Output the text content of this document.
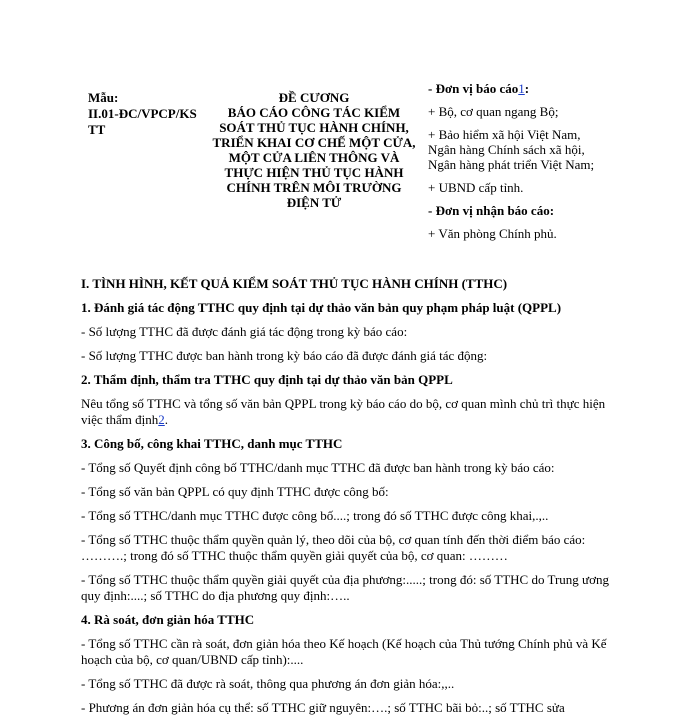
Mẫu:
II.01-ĐC/VPCP/KS
TT
ĐỀ CƯƠNG
BÁO CÁO CÔNG TÁC KIỂM
SOÁT THỦ TỤC HÀNH CHÍNH,
TRIỂN KHAI CƠ CHẾ MỘT CỬA,
MỘT CỬA LIÊN THÔNG VÀ
THỰC HIỆN THỦ TỤC HÀNH
CHÍNH TRÊN MÔI TRƯỜNG
ĐIỆN TỬ
- Đơn vị báo cáo1:
+ Bộ, cơ quan ngang Bộ;
+ Bảo hiểm xã hội Việt Nam,
Ngân hàng Chính sách xã hội,
Ngân hàng phát triển Việt Nam;
+ UBND cấp tỉnh.
- Đơn vị nhận báo cáo:
+ Văn phòng Chính phủ.

I. TÌNH HÌNH, KẾT QUẢ KIỂM SOÁT THỦ TỤC HÀNH CHÍNH (TTHC)

1. Đánh giá tác động TTHC quy định tại dự thảo văn bản quy phạm pháp luật (QPPL)

- Số lượng TTHC đã được đánh giá tác động trong kỳ báo cáo:

- Số lượng TTHC được ban hành trong kỳ báo cáo đã được đánh giá tác động:

2. Thẩm định, thẩm tra TTHC quy định tại dự thảo văn bản QPPL

Nêu tổng số TTHC và tổng số văn bản QPPL trong kỳ báo cáo do bộ, cơ quan mình chủ trì thực hiện việc thẩm định2.

3. Công bố, công khai TTHC, danh mục TTHC

- Tổng số Quyết định công bố TTHC/danh mục TTHC đã được ban hành trong kỳ báo cáo:

- Tổng số văn bản QPPL có quy định TTHC được công bố:

- Tổng số TTHC/danh mục TTHC được công bố....; trong đó số TTHC được công khai,.,..

- Tổng số TTHC thuộc thẩm quyền quản lý, theo dõi của bộ, cơ quan tính đến thời điểm báo cáo: ……….; trong đó số TTHC thuộc thẩm quyền giải quyết của bộ, cơ quan: ………

- Tổng số TTHC thuộc thẩm quyền giải quyết của địa phương:.....; trong đó: số TTHC do Trung ương quy định:....; số TTHC do địa phương quy định:…..

4. Rà soát, đơn giản hóa TTHC

- Tổng số TTHC cần rà soát, đơn giản hóa theo Kế hoạch (Kế hoạch của Thủ tướng Chính phủ và Kế hoạch của bộ, cơ quan/UBND cấp tỉnh):....

- Tổng số TTHC đã được rà soát, thông qua phương án đơn giản hóa:,,..

- Phương án đơn giản hóa cụ thể: số TTHC giữ nguyên:….; số TTHC bãi bỏ:..; số TTHC sửa
